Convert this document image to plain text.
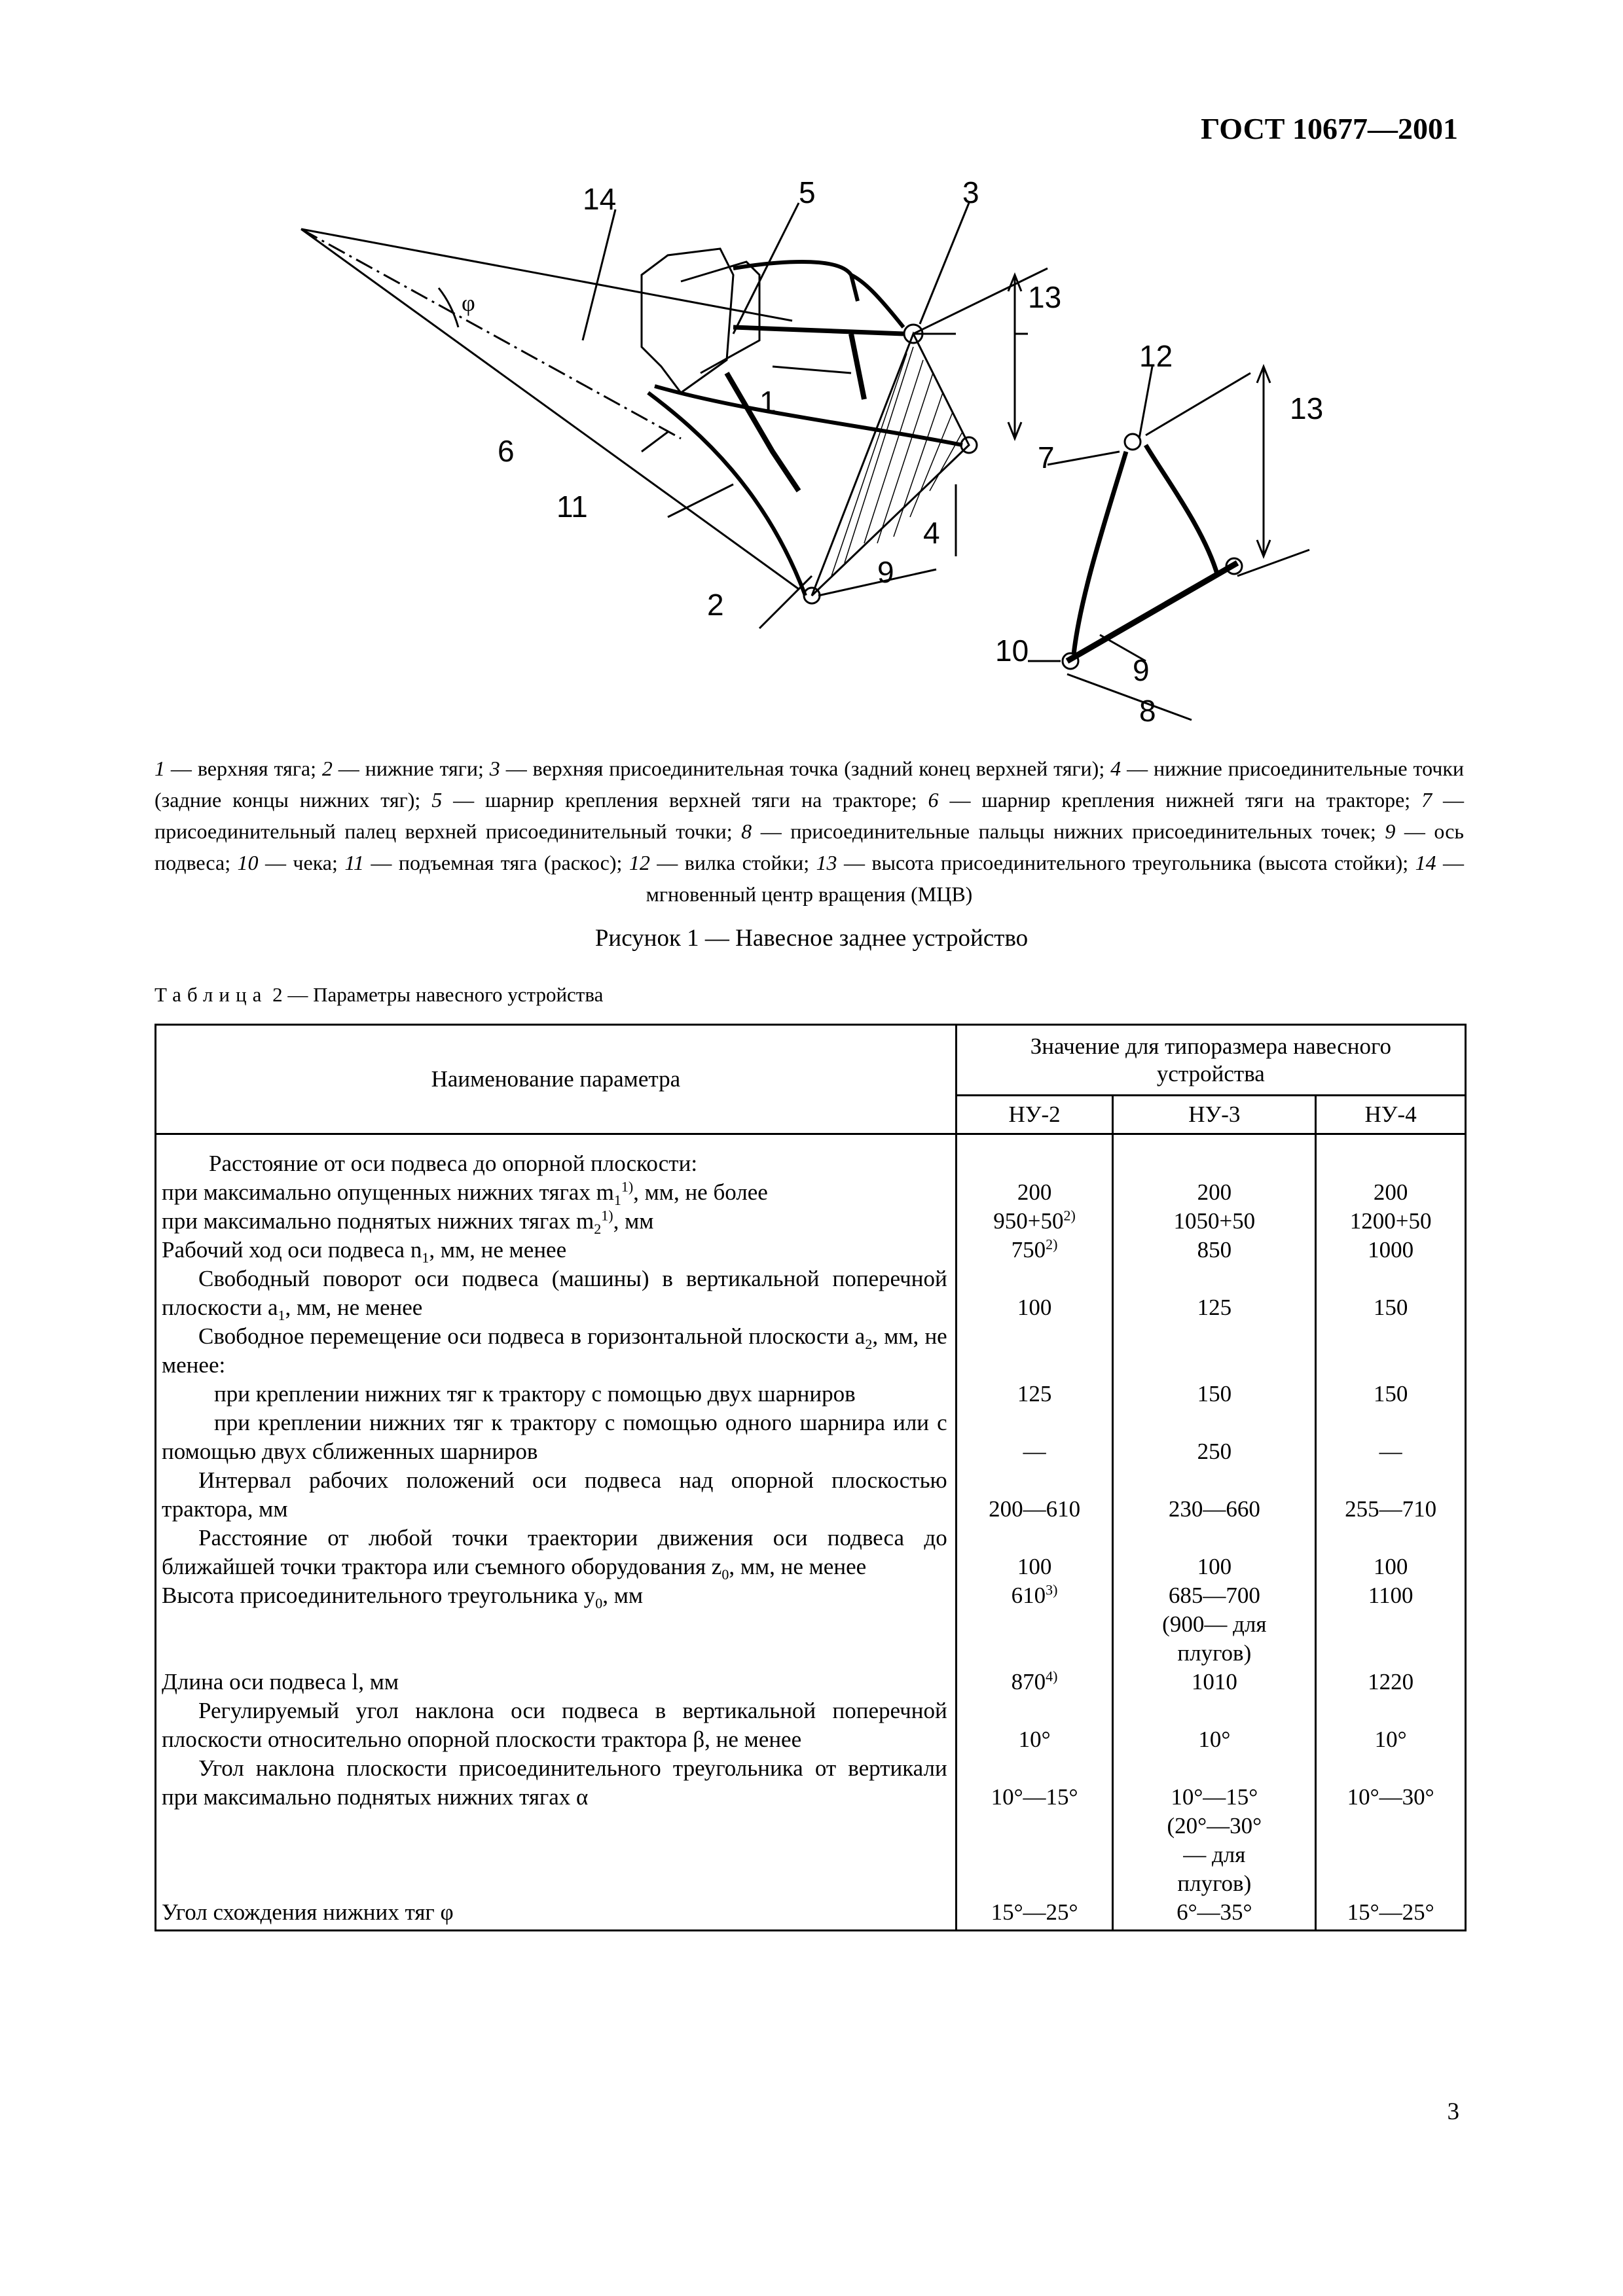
ГОСТ 10677—2001
14	5	3
13
1
6
11
2
9
4
12
13
7
10
9
8
φ
1 — верхняя тяга; 2 — нижние тяги; 3 — верхняя присоединительная точка (задний конец верхней тяги); 4 — нижние присоединительные точки (задние концы нижних тяг); 5 — шарнир крепления верхней тяги на тракторе; 6 — шарнир крепления нижней тяги на тракторе; 7 — присоединительный палец верхней присоединительный точки; 8 — присоединительные пальцы нижних присоединительных точек; 9 — ось подвеса; 10 — чека; 11 — подъемная тяга (раскос); 12 — вилка стойки; 13 — высота присоединительного треугольника (высота стойки); 14 — мгновенный центр вращения (МЦВ)
Рисунок 1 — Навесное заднее устройство
Таблица 2 — Параметры навесного устройства
Наименование параметра	Значение для типоразмера навесного устройства		
	НУ-2	НУ-3	НУ-4
Расстояние от оси подвеса до опорной плоскости:			
при максимально опущенных нижних тягах $m_1^{1)}$, мм, не более	200	200	200
при максимально поднятых нижних тягах $m_2^{1)}$, мм	$950+50^{2)}$	1050+50	1200+50
Рабочий ход оси подвеса $n_1$, мм, не менее	750$^{2)}$	850	1000
Свободный поворот оси подвеса (машины) в вертикальной поперечной плоскости $a_1$, мм, не менее	100	125	150
Свободное перемещение оси подвеса в горизонтальной плоскости $a_2$, мм, не менее:			
при креплении нижних тяг к трактору с помощью двух шарниров	125	150	150
при креплении нижних тяг к трактору с помощью одного шарнира или с помощью двух сближенных шарниров	—	250	—
Интервал рабочих положений оси подвеса над опорной плоскостью трактора, мм	200—610	230—660	255—710
Расстояние от любой точки траектории движения оси подвеса до ближайшей точки трактора или съемного оборудования $z_0$, мм, не менее	100	100	100
Высота присоединительного треугольника $y_0$, мм	610$^{3)}$	685—700 (900— для плугов)	1100
Длина оси подвеса l, мм	870$^{4)}$	1010	1220
Регулируемый угол наклона оси подвеса в вертикальной поперечной плоскости относительно опорной плоскости трактора β, не менее	10°	10°	10°
Угол наклона плоскости присоединительного треугольника от вертикали при максимально поднятых нижних тягах α	10°—15°	10°—15° (20°—30° — для плугов)	10°—30°
Угол схождения нижних тяг φ	15°—25°	6°—35°	15°—25°
3
